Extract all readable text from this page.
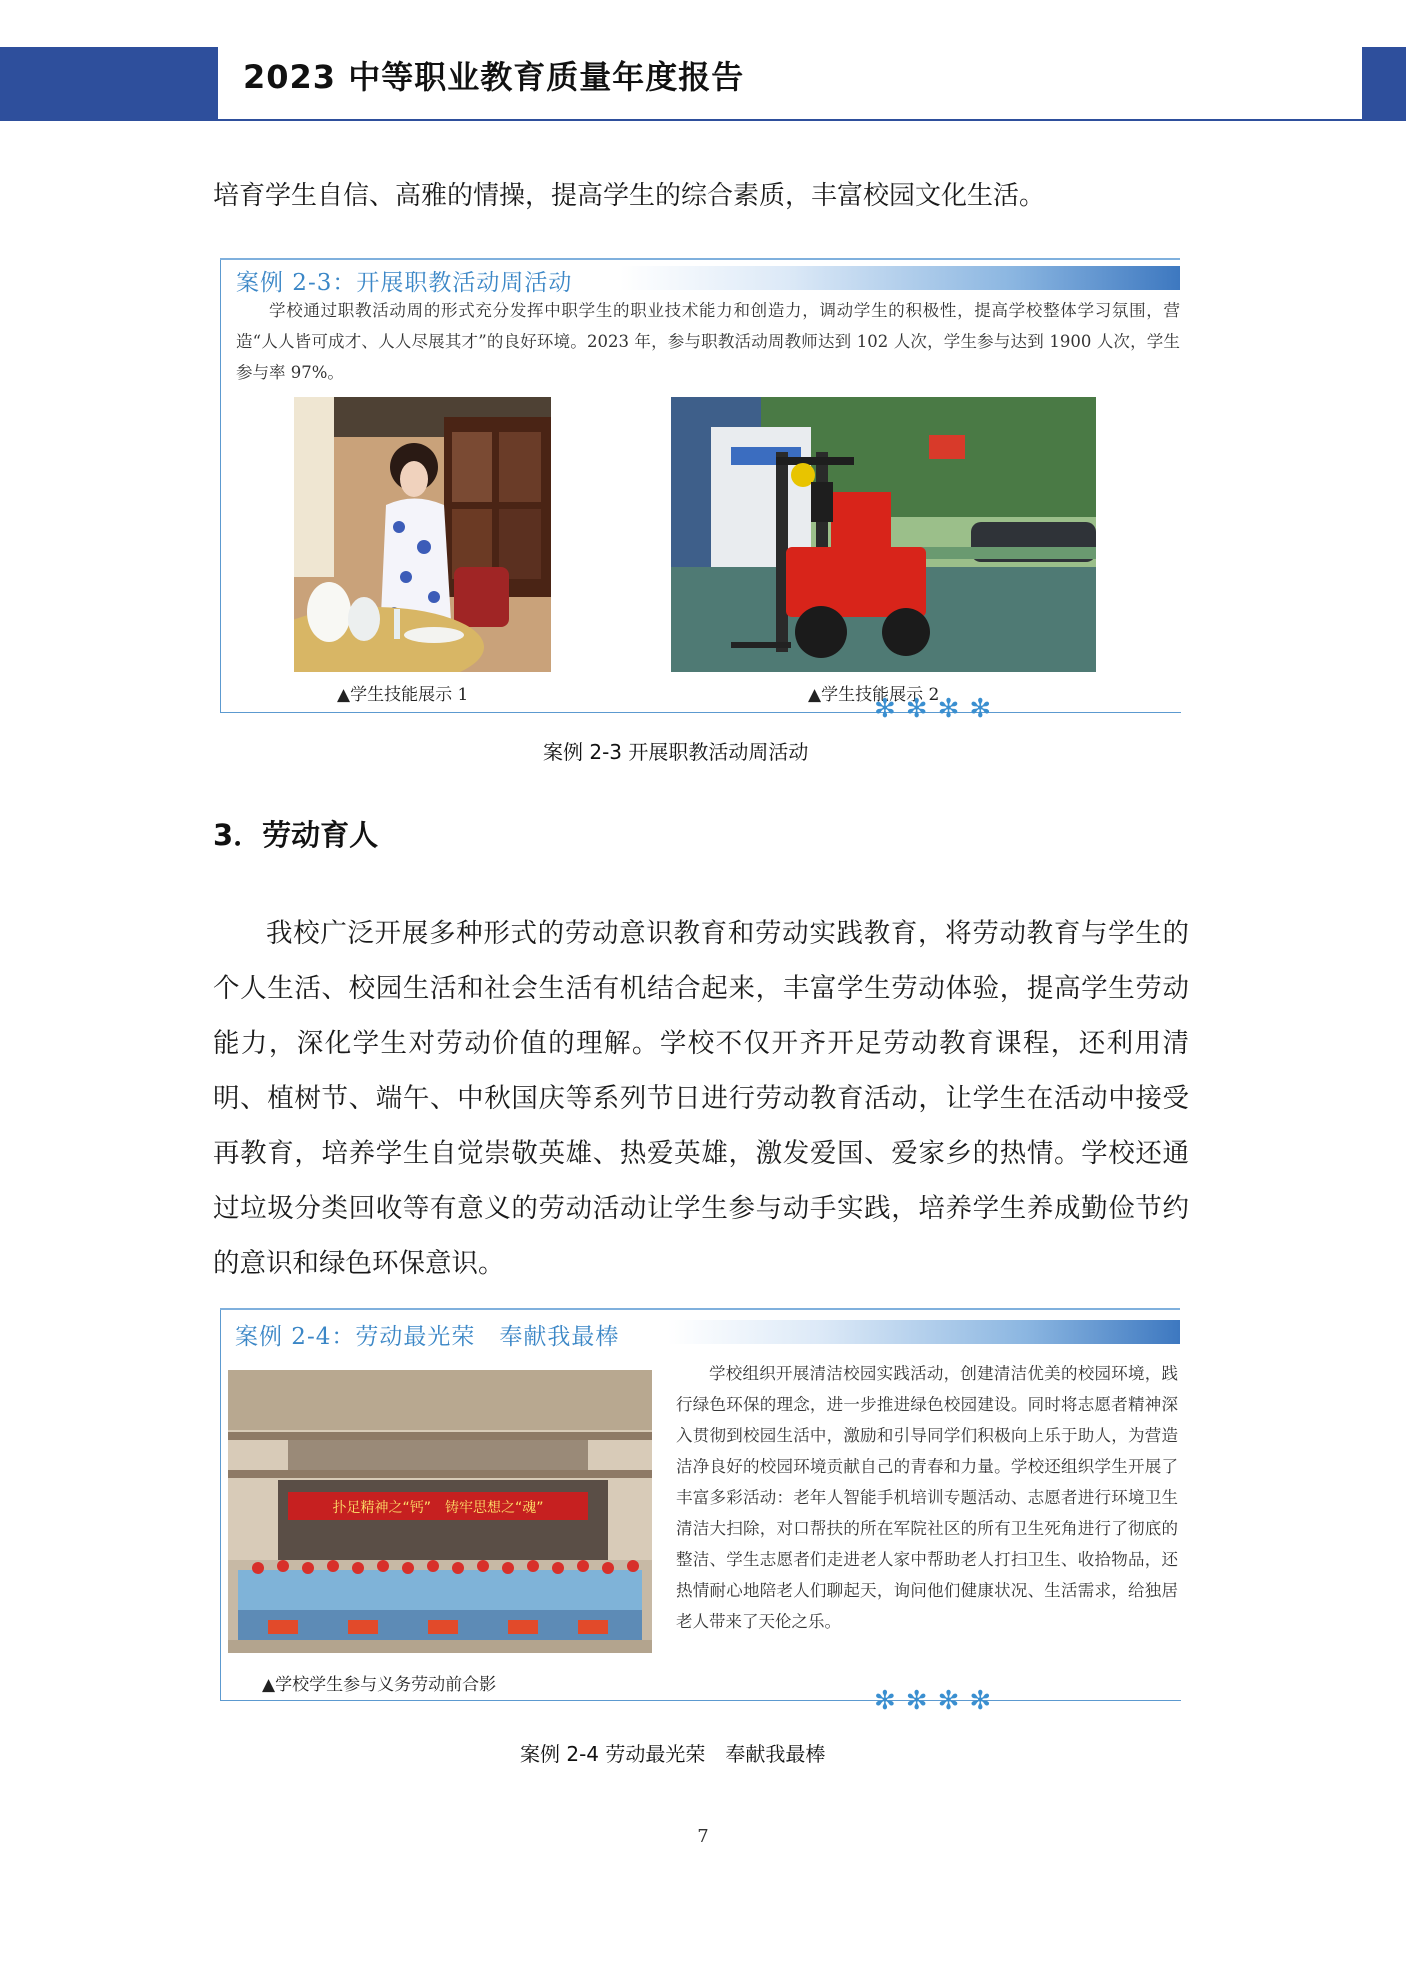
2023 中等职业教育质量年度报告
培育学生自信、高雅的情操，提高学生的综合素质，丰富校园文化生活。
案例 2-3：开展职教活动周活动
学校通过职教活动周的形式充分发挥中职学生的职业技术能力和创造力，调动学生的积极性，提高学校整体学习氛围，营造“人人皆可成才、人人尽展其才”的良好环境。2023 年，参与职教活动周教师达到 102 人次，学生参与达到 1900 人次，学生参与率 97%。
▲学生技能展示 1	▲学生技能展示 2
✻✻✻✻
案例 2-3 开展职教活动周活动
3．劳动育人

我校广泛开展多种形式的劳动意识教育和劳动实践教育，将劳动教育与学生的个人生活、校园生活和社会生活有机结合起来，丰富学生劳动体验，提高学生劳动能力，深化学生对劳动价值的理解。学校不仅开齐开足劳动教育课程，还利用清明、植树节、端午、中秋国庆等系列节日进行劳动教育活动，让学生在活动中接受再教育，培养学生自觉崇敬英雄、热爱英雄，激发爱国、爱家乡的热情。学校还通过垃圾分类回收等有意义的劳动活动让学生参与动手实践，培养学生养成勤俭节约的意识和绿色环保意识。

案例 2-4：劳动最光荣　奉献我最棒
扑足精神之“钙”　铸牢思想之“魂”
学校组织开展清洁校园实践活动，创建清洁优美的校园环境，践行绿色环保的理念，进一步推进绿色校园建设。同时将志愿者精神深入贯彻到校园生活中，激励和引导同学们积极向上乐于助人，为营造洁净良好的校园环境贡献自己的青春和力量。学校还组织学生开展了丰富多彩活动：老年人智能手机培训专题活动、志愿者进行环境卫生清洁大扫除，对口帮扶的所在军院社区的所有卫生死角进行了彻底的整洁、学生志愿者们走进老人家中帮助老人打扫卫生、收拾物品，还热情耐心地陪老人们聊起天，询问他们健康状况、生活需求，给独居老人带来了天伦之乐。
▲学校学生参与义务劳动前合影
✻✻✻✻
案例 2-4 劳动最光荣　奉献我最棒
7
